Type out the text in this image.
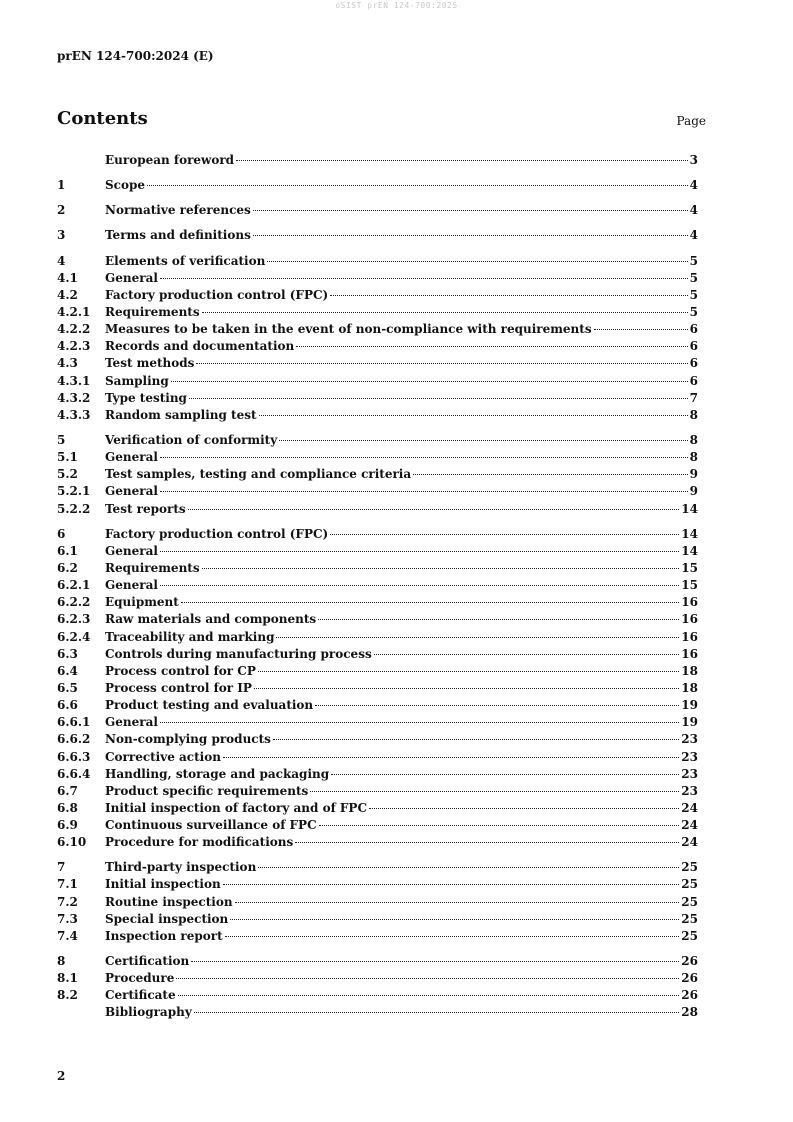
oSIST prEN 124-700:2025
prEN 124-700:2024 (E)
Contents	Page
European foreword	3
1	Scope	4
2	Normative references	4
3	Terms and definitions	4
4	Elements of verification	5
4.1	General	5
4.2	Factory production control (FPC)	5
4.2.1	Requirements	5
4.2.2	Measures to be taken in the event of non-compliance with requirements	6
4.2.3	Records and documentation	6
4.3	Test methods	6
4.3.1	Sampling	6
4.3.2	Type testing	7
4.3.3	Random sampling test	8
5	Verification of conformity	8
5.1	General	8
5.2	Test samples, testing and compliance criteria	9
5.2.1	General	9
5.2.2	Test reports	14
6	Factory production control (FPC)	14
6.1	General	14
6.2	Requirements	15
6.2.1	General	15
6.2.2	Equipment	16
6.2.3	Raw materials and components	16
6.2.4	Traceability and marking	16
6.3	Controls during manufacturing process	16
6.4	Process control for CP	18
6.5	Process control for IP	18
6.6	Product testing and evaluation	19
6.6.1	General	19
6.6.2	Non-complying products	23
6.6.3	Corrective action	23
6.6.4	Handling, storage and packaging	23
6.7	Product specific requirements	23
6.8	Initial inspection of factory and of FPC	24
6.9	Continuous surveillance of FPC	24
6.10	Procedure for modifications	24
7	Third-party inspection	25
7.1	Initial inspection	25
7.2	Routine inspection	25
7.3	Special inspection	25
7.4	Inspection report	25
8	Certification	26
8.1	Procedure	26
8.2	Certificate	26
Bibliography	28
2
